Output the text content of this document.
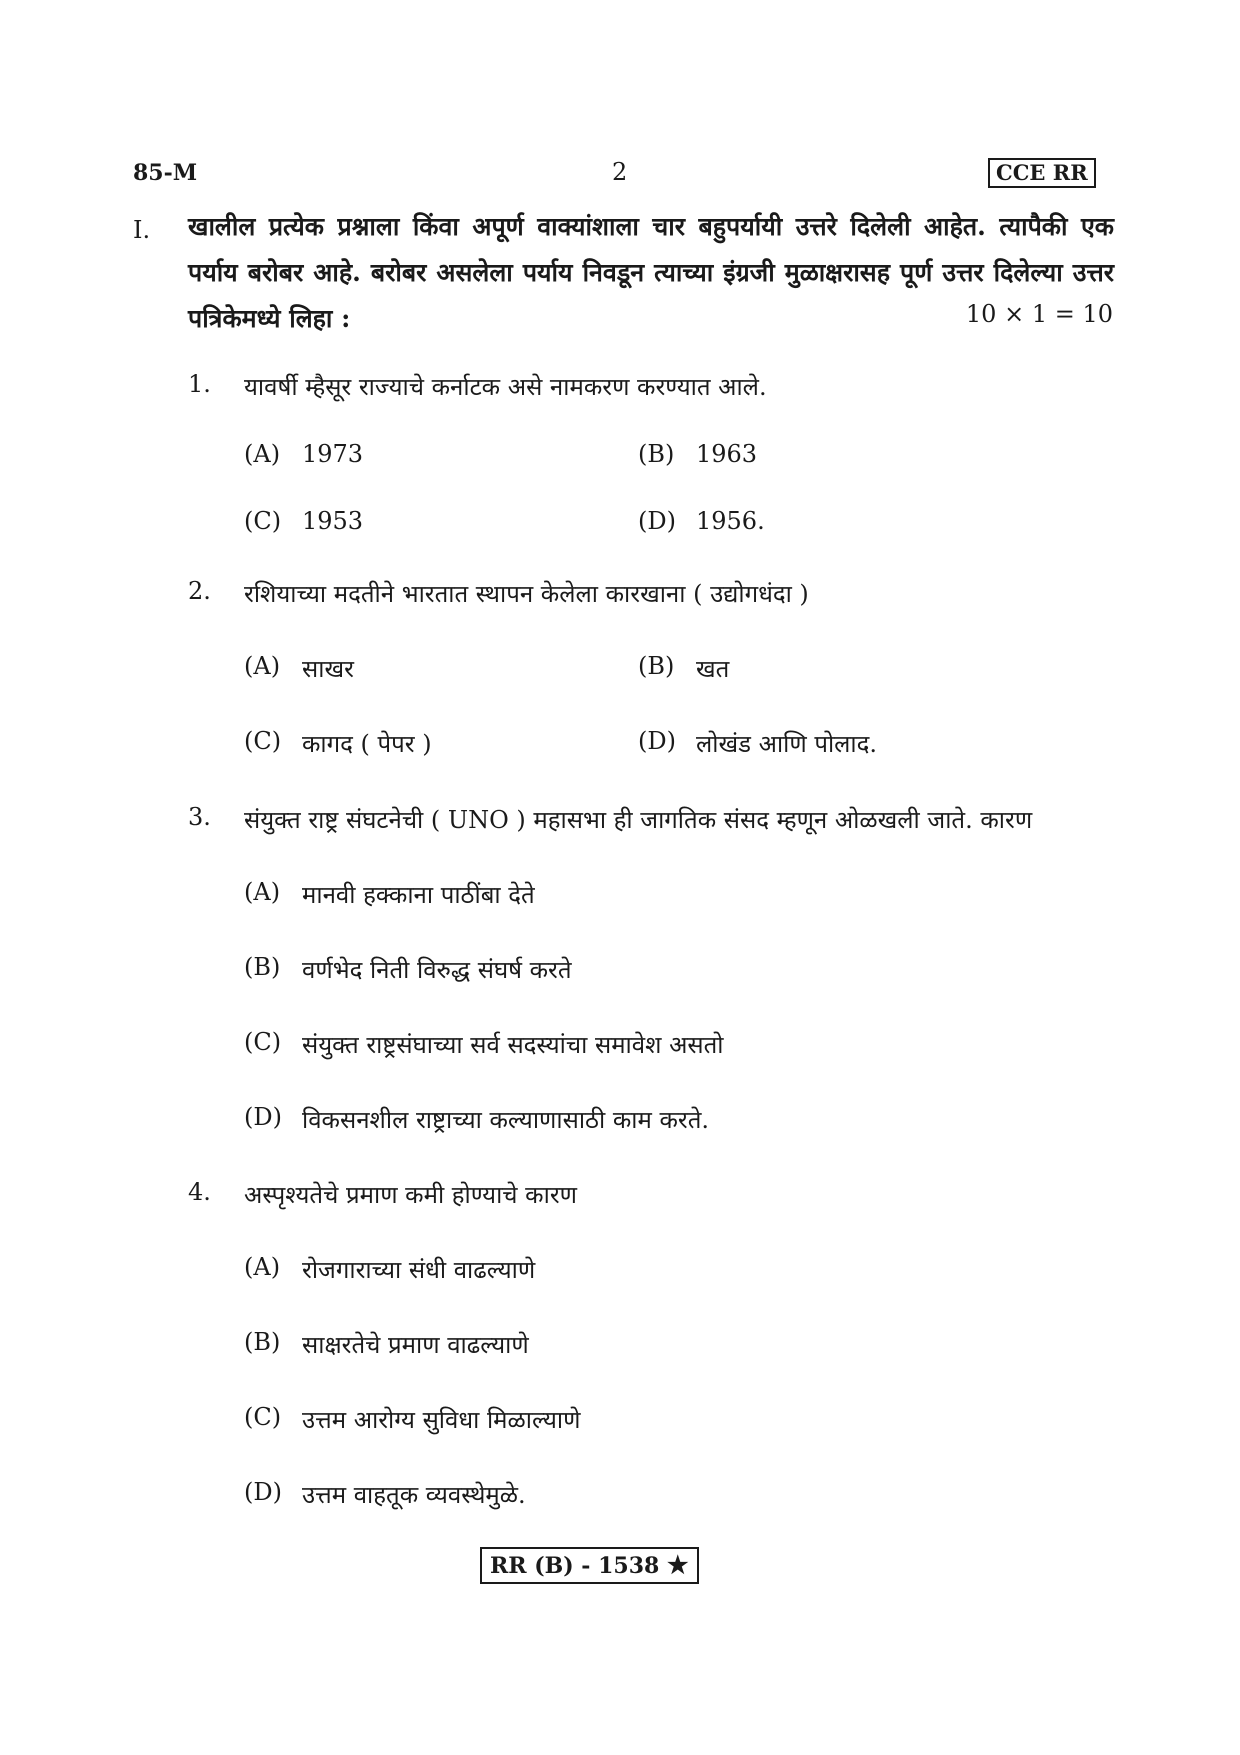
85-M	2	CCE RR
I. खालील प्रत्येक प्रश्नाला किंवा अपूर्ण वाक्यांशाला चार बहुपर्यायी उत्तरे दिलेली आहेत. त्यापैकी एक पर्याय बरोबर आहे. बरोबर असलेला पर्याय निवडून त्याच्या इंग्रजी मुळाक्षरासह पूर्ण उत्तर दिलेल्या उत्तर पत्रिकेमध्ये लिहा :	10 × 1 = 10
1. यावर्षी म्हैसूर राज्याचे कर्नाटक असे नामकरण करण्यात आले.
(A) 1973	(B) 1963
(C) 1953	(D) 1956.
2. रशियाच्या मदतीने भारतात स्थापन केलेला कारखाना ( उद्योगधंदा )
(A) साखर	(B) खत
(C) कागद ( पेपर )	(D) लोखंड आणि पोलाद.
3. संयुक्त राष्ट्र संघटनेची ( UNO ) महासभा ही जागतिक संसद म्हणून ओळखली जाते. कारण
(A) मानवी हक्काना पाठींबा देते
(B) वर्णभेद निती विरुद्ध संघर्ष करते
(C) संयुक्त राष्ट्रसंघाच्या सर्व सदस्यांचा समावेश असतो
(D) विकसनशील राष्ट्राच्या कल्याणासाठी काम करते.
4. अस्पृश्यतेचे प्रमाण कमी होण्याचे कारण
(A) रोजगाराच्या संधी वाढल्याणे
(B) साक्षरतेचे प्रमाण वाढल्याणे
(C) उत्तम आरोग्य सुविधा मिळाल्याणे
(D) उत्तम वाहतूक व्यवस्थेमुळे.
RR (B) - 1538 ★
